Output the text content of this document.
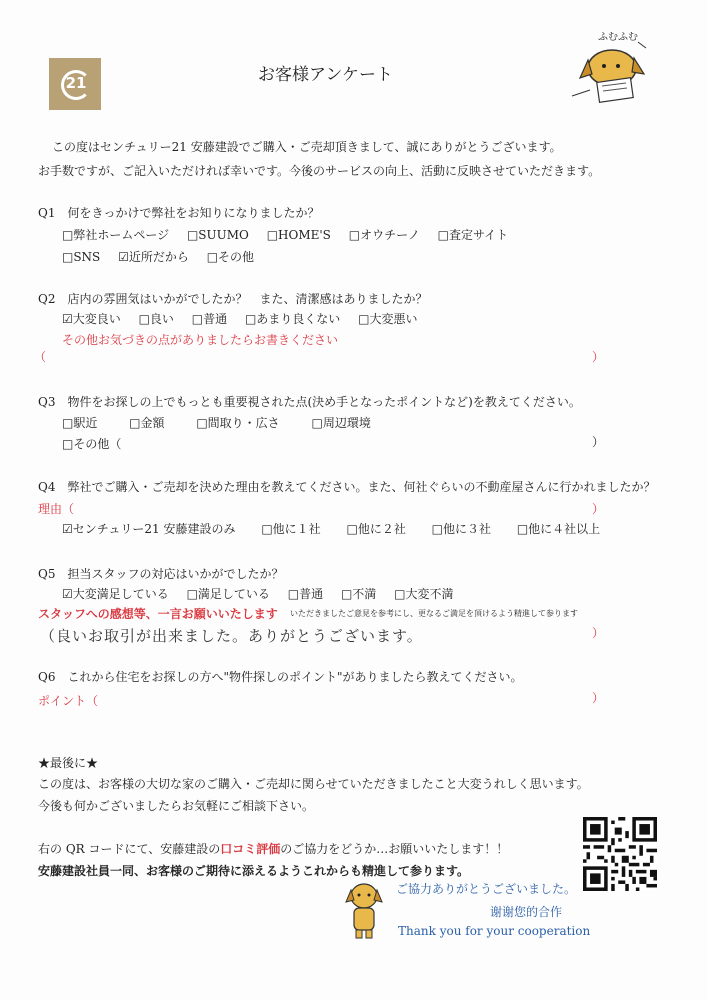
21	お客様アンケート
ふむふむ
この度はセンチュリー21 安藤建設でご購入・ご売却頂きまして、誠にありがとうございます。
お手数ですが、ご記入いただければ幸いです。今後のサービスの向上、活動に反映させていただきます。
Q1　何をきっかけで弊社をお知りになりましたか？
□弊社ホームページ □SUUMO □HOME'S □オウチーノ □査定サイト
□SNS ☑近所だから □その他
Q2　店内の雰囲気はいかがでしたか？　また、清潔感はありましたか？
☑大変良い □良い □普通 □あまり良くない □大変悪い
その他お気づきの点がありましたらお書きください
（	）
Q3　物件をお探しの上でもっとも重要視された点(決め手となったポイントなど)を教えてください。
□駅近	□金額	□間取り・広さ	□周辺環境
□その他（	）
Q4　弊社でご購入・ご売却を決めた理由を教えてください。また、何社ぐらいの不動産屋さんに行かれましたか？
理由（	）
☑センチュリー21 安藤建設のみ □他に１社 □他に２社 □他に３社 □他に４社以上
Q5　担当スタッフの対応はいかがでしたか？
☑大変満足している □満足している □普通 □不満 □大変不満
スタッフへの感想等、一言お願いいたします いただきましたご意見を参考にし、更なるご満足を頂けるよう精進して参ります
（良いお取引が出来ました。ありがとうございます。	）
Q6　これから住宅をお探しの方へ"物件探しのポイント"がありましたら教えてください。
ポイント（	）
★最後に★
この度は、お客様の大切な家のご購入・ご売却に関らせていただきましたこと大変うれしく思います。
今後も何かございましたらお気軽にご相談下さい。
右の QR コードにて、安藤建設の口コミ評価のご協力をどうか…お願いいたします！！
安藤建設社員一同、お客様のご期待に添えるようこれからも精進して参ります。
ご協力ありがとうございました。
谢谢您的合作
Thank you for your cooperation
